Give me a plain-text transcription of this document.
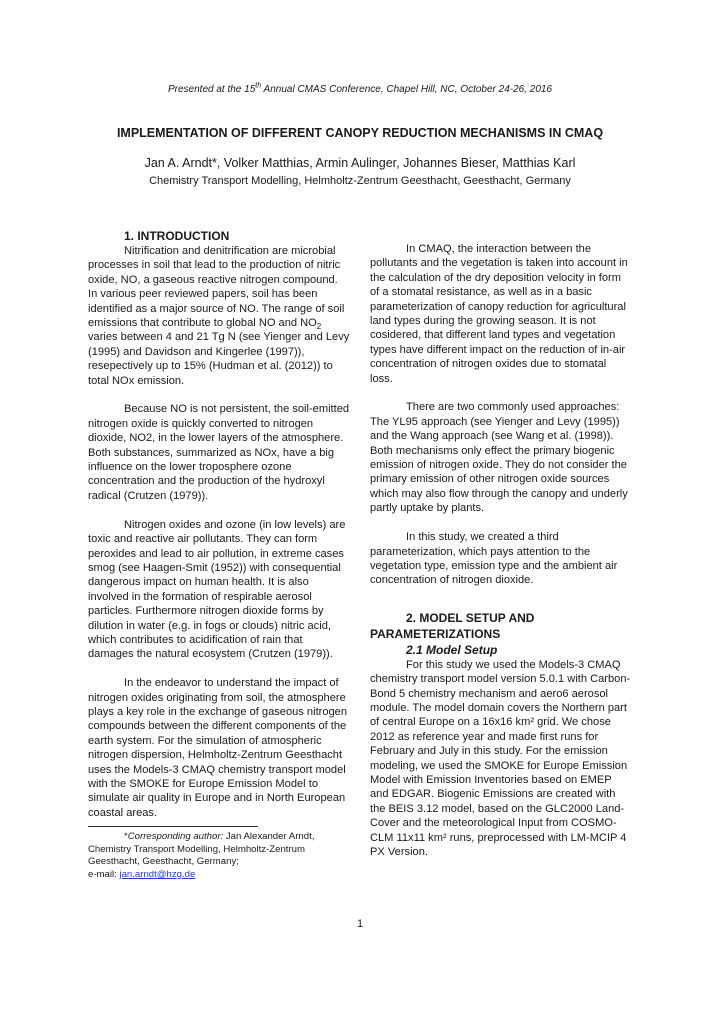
Presented at the 15th Annual CMAS Conference, Chapel Hill, NC, October 24-26, 2016
IMPLEMENTATION OF DIFFERENT CANOPY REDUCTION MECHANISMS IN CMAQ
Jan A. Arndt*, Volker Matthias, Armin Aulinger, Johannes Bieser, Matthias Karl
Chemistry Transport Modelling, Helmholtz-Zentrum Geesthacht, Geesthacht, Germany

1. INTRODUCTION

Nitrification and denitrification are microbial processes in soil that lead to the production of nitric oxide, NO, a gaseous reactive nitrogen compound. In various peer reviewed papers, soil has been identified as a major source of NO. The range of soil emissions that contribute to global NO and $NO_2$ varies between 4 and 21 Tg N (see Yienger and Levy (1995) and Davidson and Kingerlee (1997)), resepectively up to 15% (Hudman et al. (2012)) to total NOx emission.

Because NO is not persistent, the soil-emitted nitrogen oxide is quickly converted to nitrogen dioxide, NO2, in the lower layers of the atmosphere. Both substances, summarized as NOx, have a big influence on the lower troposphere ozone concentration and the production of the hydroxyl radical (Crutzen (1979)).

Nitrogen oxides and ozone (in low levels) are toxic and reactive air pollutants. They can form peroxides and lead to air pollution, in extreme cases smog (see Haagen-Smit (1952)) with consequential dangerous impact on human health. It is also involved in the formation of respirable aerosol particles. Furthermore nitrogen dioxide forms by dilution in water (e.g. in fogs or clouds) nitric acid, which contributes to acidification of rain that damages the natural ecosystem (Crutzen (1979)).

In the endeavor to understand the impact of nitrogen oxides originating from soil, the atmosphere plays a key role in the exchange of gaseous nitrogen compounds between the different components of the earth system. For the simulation of atmospheric nitrogen dispersion, Helmholtz-Zentrum Geesthacht uses the Models-3 CMAQ chemistry transport model with the SMOKE for Europe Emission Model to simulate air quality in Europe and in North European coastal areas.

*Corresponding author: Jan Alexander Arndt, Chemistry Transport Modelling, Helmholtz-Zentrum Geesthacht, Geesthacht, Germany;
e-mail: jan.arndt@hzg.de

In CMAQ, the interaction between the pollutants and the vegetation is taken into account in the calculation of the dry deposition velocity in form of a stomatal resistance, as well as in a basic parameterization of canopy reduction for agricultural land types during the growing season. It is not cosidered, that different land types and vegetation types have different impact on the reduction of in-air concentration of nitrogen oxides due to stomatal loss.

There are two commonly used approaches: The YL95 approach (see Yienger and Levy (1995)) and the Wang approach (see Wang et al. (1998)). Both mechanisms only effect the primary biogenic emission of nitrogen oxide. They do not consider the primary emission of other nitrogen oxide sources which may also flow through the canopy and underly partly uptake by plants.

In this study, we created a third parameterization, which pays attention to the vegetation type, emission type and the ambient air concentration of nitrogen dioxide.

2. MODEL SETUP AND PARAMETERIZATIONS

2.1 Model Setup

For this study we used the Models-3 CMAQ chemistry transport model version 5.0.1 with Carbon-Bond 5 chemistry mechanism and aero6 aerosol module. The model domain covers the Northern part of central Europe on a 16x16 km² grid. We chose 2012 as reference year and made first runs for February and July in this study. For the emission modeling, we used the SMOKE for Europe Emission Model with Emission Inventories based on EMEP and EDGAR. Biogenic Emissions are created with the BEIS 3.12 model, based on the GLC2000 Land-Cover and the meteorological Input from COSMO-CLM 11x11 km² runs, preprocessed with LM-MCIP 4 PX Version.

1
